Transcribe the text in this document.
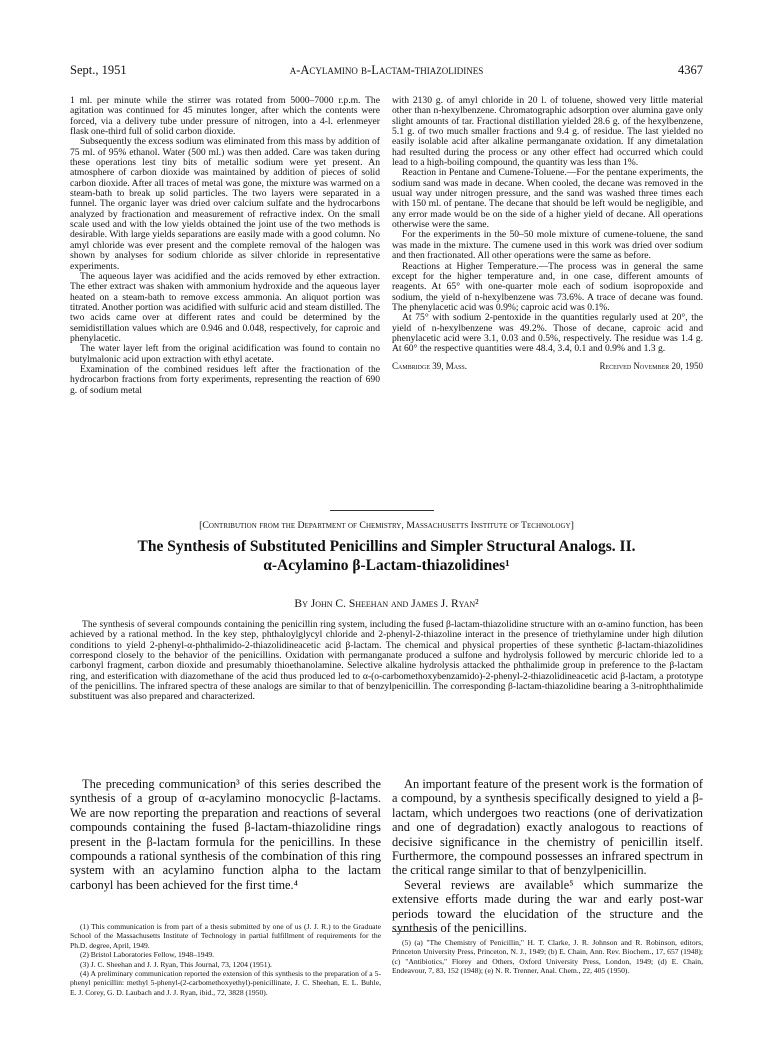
Sept., 1951	α-Acylamino β-Lactam-thiazolidines	4367

1 ml. per minute while the stirrer was rotated from 5000–7000 r.p.m. The agitation was continued for 45 minutes longer, after which the contents were forced, via a delivery tube under pressure of nitrogen, into a 4-l. erlenmeyer flask one-third full of solid carbon dioxide.

Subsequently the excess sodium was eliminated from this mass by addition of 75 ml. of 95% ethanol. Water (500 ml.) was then added. Care was taken during these operations lest tiny bits of metallic sodium were yet present. An atmosphere of carbon dioxide was maintained by addition of pieces of solid carbon dioxide. After all traces of metal was gone, the mixture was warmed on a steam-bath to break up solid particles. The two layers were separated in a funnel. The organic layer was dried over calcium sulfate and the hydrocarbons analyzed by fractionation and measurement of refractive index. On the small scale used and with the low yields obtained the joint use of the two methods is desirable. With large yields separations are easily made with a good column. No amyl chloride was ever present and the complete removal of the halogen was shown by analyses for sodium chloride as silver chloride in representative experiments.

The aqueous layer was acidified and the acids removed by ether extraction. The ether extract was shaken with ammonium hydroxide and the aqueous layer heated on a steam-bath to remove excess ammonia. An aliquot portion was titrated. Another portion was acidified with sulfuric acid and steam distilled. The two acids came over at different rates and could be determined by the semidistillation values which are 0.946 and 0.048, respectively, for caproic and phenylacetic.

The water layer left from the original acidification was found to contain no butylmalonic acid upon extraction with ethyl acetate.

Examination of the combined residues left after the fractionation of the hydrocarbon fractions from forty experiments, representing the reaction of 690 g. of sodium metal

with 2130 g. of amyl chloride in 20 l. of toluene, showed very little material other than n-hexylbenzene. Chromatographic adsorption over alumina gave only slight amounts of tar. Fractional distillation yielded 28.6 g. of the hexylbenzene, 5.1 g. of two much smaller fractions and 9.4 g. of residue. The last yielded no easily isolable acid after alkaline permanganate oxidation. If any dimetalation had resulted during the process or any other effect had occurred which could lead to a high-boiling compound, the quantity was less than 1%.

Reaction in Pentane and Cumene-Toluene.—For the pentane experiments, the sodium sand was made in decane. When cooled, the decane was removed in the usual way under nitrogen pressure, and the sand was washed three times each with 150 ml. of pentane. The decane that should be left would be negligible, and any error made would be on the side of a higher yield of decane. All operations otherwise were the same.

For the experiments in the 50–50 mole mixture of cumene-toluene, the sand was made in the mixture. The cumene used in this work was dried over sodium and then fractionated. All other operations were the same as before.

Reactions at Higher Temperature.—The process was in general the same except for the higher temperature and, in one case, different amounts of reagents. At 65° with one-quarter mole each of sodium isopropoxide and sodium, the yield of n-hexylbenzene was 73.6%. A trace of decane was found. The phenylacetic acid was 0.9%; caproic acid was 0.1%.

At 75° with sodium 2-pentoxide in the quantities regularly used at 20°, the yield of n-hexylbenzene was 49.2%. Those of decane, caproic acid and phenylacetic acid were 3.1, 0.03 and 0.5%, respectively. The residue was 1.4 g. At 60° the respective quantities were 48.4, 3.4, 0.1 and 0.9% and 1.3 g.

Cambridge 39, Mass.	Received November 20, 1950
[Contribution from the Department of Chemistry, Massachusetts Institute of Technology]
The Synthesis of Substituted Penicillins and Simpler Structural Analogs. II.
α-Acylamino β-Lactam-thiazolidines¹
By John C. Sheehan and James J. Ryan²
The synthesis of several compounds containing the penicillin ring system, including the fused β-lactam-thiazolidine structure with an α-amino function, has been achieved by a rational method. In the key step, phthaloylglycyl chloride and 2-phenyl-2-thiazoline interact in the presence of triethylamine under high dilution conditions to yield 2-phenyl-α-phthalimido-2-thiazolidineacetic acid β-lactam. The chemical and physical properties of these synthetic β-lactam-thiazolidines correspond closely to the behavior of the penicillins. Oxidation with permanganate produced a sulfone and hydrolysis followed by mercuric chloride led to a carbonyl fragment, carbon dioxide and presumably thioethanolamine. Selective alkaline hydrolysis attacked the phthalimide group in preference to the β-lactam ring, and esterification with diazomethane of the acid thus produced led to α-(o-carbomethoxybenzamido)-2-phenyl-2-thiazolidineacetic acid β-lactam, a prototype of the penicillins. The infrared spectra of these analogs are similar to that of benzylpenicillin. The corresponding β-lactam-thiazolidine bearing a 3-nitrophthalimide substituent was also prepared and characterized.

The preceding communication³ of this series described the synthesis of a group of α-acylamino monocyclic β-lactams. We are now reporting the preparation and reactions of several compounds containing the fused β-lactam-thiazolidine rings present in the β-lactam formula for the penicillins. In these compounds a rational synthesis of the combination of this ring system with an acylamino function alpha to the lactam carbonyl has been achieved for the first time.⁴

An important feature of the present work is the formation of a compound, by a synthesis specifically designed to yield a β-lactam, which undergoes two reactions (one of derivatization and one of degradation) exactly analogous to reactions of decisive significance in the chemistry of penicillin itself. Furthermore, the compound possesses an infrared spectrum in the critical range similar to that of benzylpenicillin.

Several reviews are available⁵ which summarize the extensive efforts made during the war and early post-war periods toward the elucidation of the structure and the synthesis of the penicillins.

(1) This communication is from part of a thesis submitted by one of us (J. J. R.) to the Graduate School of the Massachusetts Institute of Technology in partial fulfillment of requirements for the Ph.D. degree, April, 1949.

(2) Bristol Laboratories Fellow, 1948–1949.

(3) J. C. Sheehan and J. J. Ryan, This Journal, 73, 1204 (1951).

(4) A preliminary communication reported the extension of this synthesis to the preparation of a 5-phenyl penicillin: methyl 5-phenyl-(2-carbomethoxyethyl)-penicillinate, J. C. Sheehan, E. L. Buhle, E. J. Corey, G. D. Laubach and J. J. Ryan, ibid., 72, 3828 (1950).

(5) (a) "The Chemistry of Penicillin," H. T. Clarke, J. R. Johnson and R. Robinson, editors, Princeton University Press, Princeton, N. J., 1949; (b) E. Chain, Ann. Rev. Biochem., 17, 657 (1948); (c) "Antibiotics," Florey and Others, Oxford University Press, London, 1949; (d) E. Chain, Endeavour, 7, 83, 152 (1948); (e) N. R. Trenner, Anal. Chem., 22, 405 (1950).
